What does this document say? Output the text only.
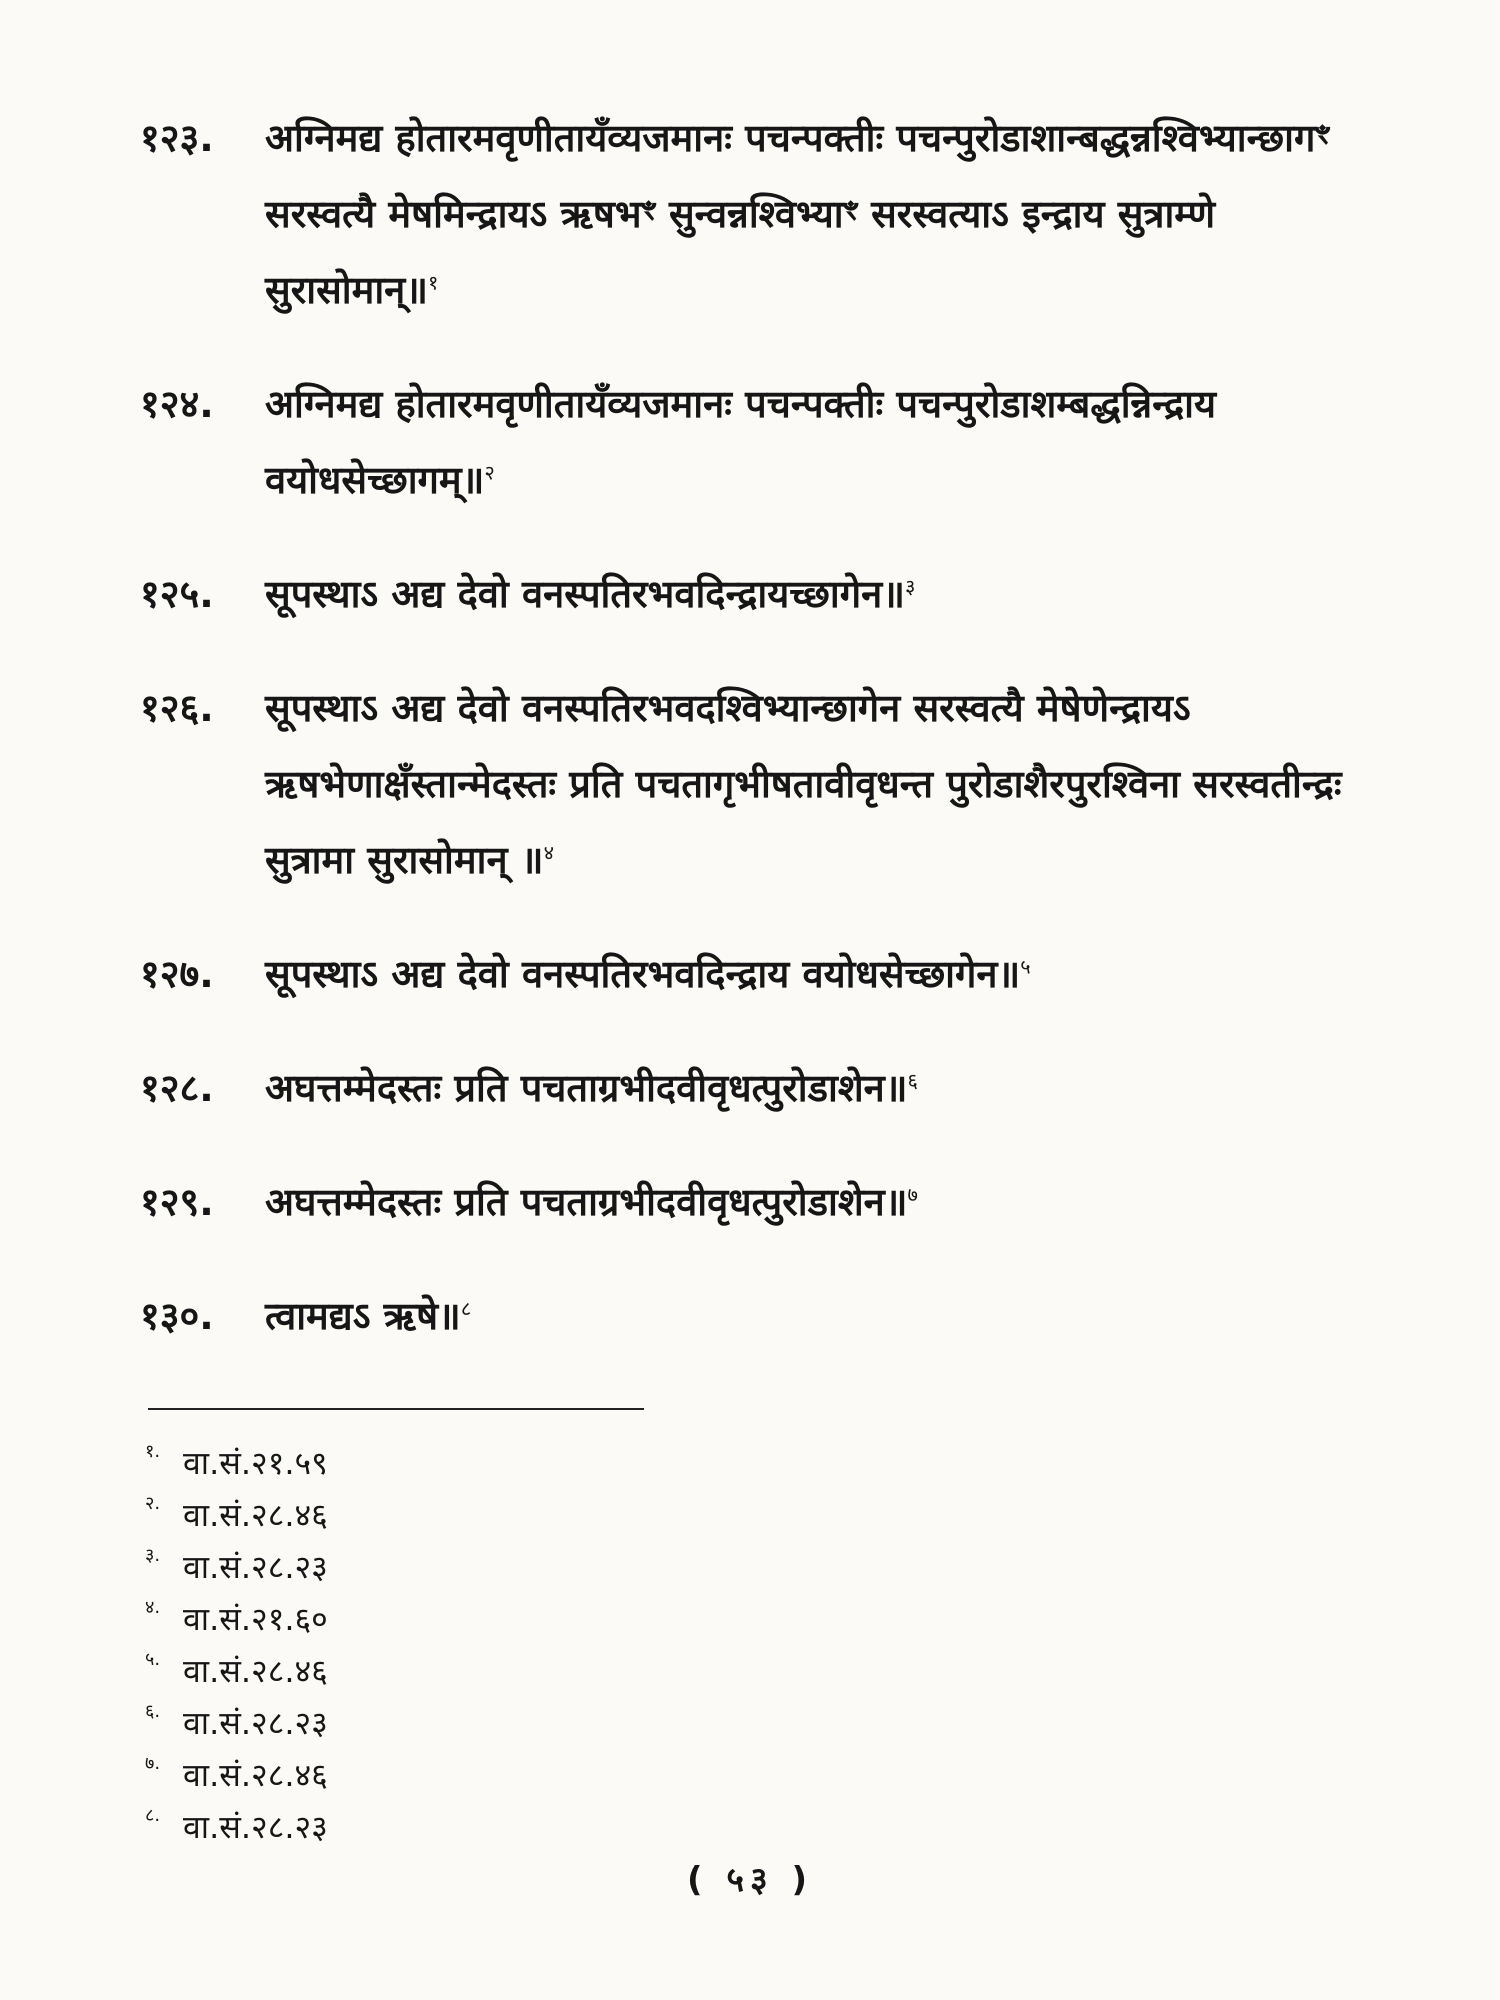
१२३.	अग्निमद्य होतारमवृणीतायँव्यजमानः पचन्पक्तीः पचन्पुरोडाशान्बद्धन्नश्विभ्यान्छागꣳ सरस्वत्यै मेषमिन्द्रायऽ ऋषभꣳ सुन्वन्नश्विभ्याꣳ सरस्वत्याऽ इन्द्राय सुत्राम्णे सुरासोमान्॥$^१$
१२४.	अग्निमद्य होतारमवृणीतायँव्यजमानः पचन्पक्तीः पचन्पुरोडाशम्बद्धन्निन्द्राय वयोधसेच्छागम्॥$^२$
१२५.	सूपस्थाऽ अद्य देवो वनस्पतिरभवदिन्द्रायच्छागेन॥$^३$
१२६.	सूपस्थाऽ अद्य देवो वनस्पतिरभवदश्विभ्यान्छागेन सरस्वत्यै मेषेणेन्द्रायऽ ऋषभेणाक्षँस्तान्मेदस्तः प्रति पचतागृभीषतावीवृधन्त पुरोडाशैरपुरश्विना सरस्वतीन्द्रः सुत्रामा सुरासोमान् ॥$^४$
१२७.	सूपस्थाऽ अद्य देवो वनस्पतिरभवदिन्द्राय वयोधसेच्छागेन॥$^५$
१२८.	अघत्तम्मेदस्तः प्रति पचताग्रभीदवीवृधत्पुरोडाशेन॥$^६$
१२९.	अघत्तम्मेदस्तः प्रति पचताग्रभीदवीवृधत्पुरोडाशेन॥$^७$
१३०.	त्वामद्यऽ ऋषे॥$^८$
१. वा.सं.२१.५९
२. वा.सं.२८.४६
३. वा.सं.२८.२३
४. वा.सं.२१.६०
५. वा.सं.२८.४६
६. वा.सं.२८.२३
७. वा.सं.२८.४६
८. वा.सं.२८.२३
( ५३ )
